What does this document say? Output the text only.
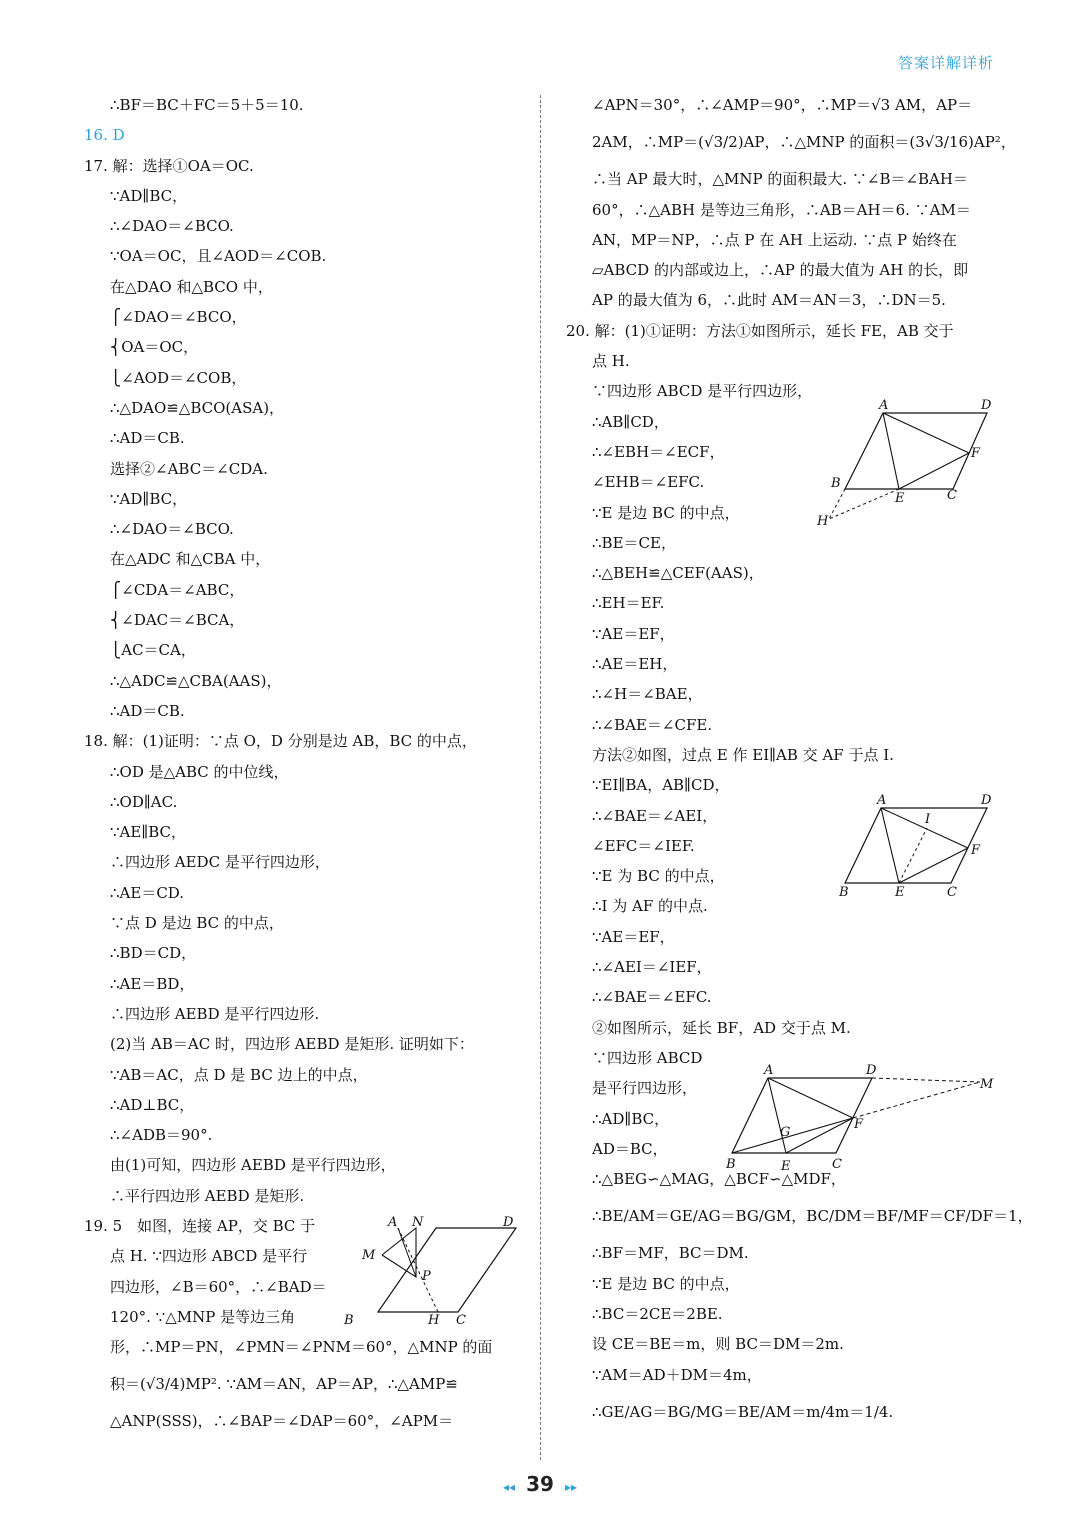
答案详解详析
∴BF＝BC＋FC＝5＋5＝10.
16. D
17. 解：选择①OA＝OC.
∵AD∥BC，
∴∠DAO＝∠BCO.
∵OA＝OC，且∠AOD＝∠COB.
在△DAO 和△BCO 中，
⎧∠DAO＝∠BCO，
⎨OA＝OC，
⎩∠AOD＝∠COB，
∴△DAO≌△BCO(ASA)，
∴AD＝CB.
选择②∠ABC＝∠CDA.
∵AD∥BC，
∴∠DAO＝∠BCO.
在△ADC 和△CBA 中，
⎧∠CDA＝∠ABC，
⎨∠DAC＝∠BCA，
⎩AC＝CA，
∴△ADC≌△CBA(AAS)，
∴AD＝CB.
18. 解：(1)证明：∵点 O，D 分别是边 AB，BC 的中点，
∴OD 是△ABC 的中位线，
∴OD∥AC.
∵AE∥BC，
∴四边形 AEDC 是平行四边形，
∴AE＝CD.
∵点 D 是边 BC 的中点，
∴BD＝CD，
∴AE＝BD，
∴四边形 AEBD 是平行四边形.
(2)当 AB＝AC 时，四边形 AEBD 是矩形. 证明如下：
∵AB＝AC，点 D 是 BC 边上的中点，
∴AD⊥BC，
∴∠ADB＝90°.
由(1)可知，四边形 AEBD 是平行四边形，
∴平行四边形 AEBD 是矩形.
19. 5　如图，连接 AP，交 BC 于
点 H. ∵四边形 ABCD 是平行
四边形，∠B＝60°，∴∠BAD＝
120°. ∵△MNP 是等边三角
形，∴MP＝PN，∠PMN＝∠PNM＝60°，△MNP 的面
积＝(√3/4)MP². ∵AM＝AN，AP＝AP，∴△AMP≌
△ANP(SSS)，∴∠BAP＝∠DAP＝60°，∠APM＝
∠APN＝30°，∴∠AMP＝90°，∴MP＝√3 AM，AP＝
2AM，∴MP＝(√3/2)AP，∴△MNP 的面积＝(3√3/16)AP²，
∴当 AP 最大时，△MNP 的面积最大. ∵∠B＝∠BAH＝
60°，∴△ABH 是等边三角形，∴AB＝AH＝6. ∵AM＝
AN，MP＝NP，∴点 P 在 AH 上运动. ∵点 P 始终在
▱ABCD 的内部或边上，∴AP 的最大值为 AH 的长，即
AP 的最大值为 6，∴此时 AM＝AN＝3，∴DN＝5.
20. 解：(1)①证明：方法①如图所示，延长 FE，AB 交于
点 H.
∵四边形 ABCD 是平行四边形，
∴AB∥CD，
∴∠EBH＝∠ECF，
∠EHB＝∠EFC.
∵E 是边 BC 的中点，
∴BE＝CE，
∴△BEH≌△CEF(AAS)，
∴EH＝EF.
∵AE＝EF，
∴AE＝EH，
∴∠H＝∠BAE，
∴∠BAE＝∠CFE.
方法②如图，过点 E 作 EI∥AB 交 AF 于点 I.
∵EI∥BA，AB∥CD，
∴∠BAE＝∠AEI，
∠EFC＝∠IEF.
∵E 为 BC 的中点，
∴I 为 AF 的中点.
∵AE＝EF，
∴∠AEI＝∠IEF，
∴∠BAE＝∠EFC.
②如图所示，延长 BF，AD 交于点 M.
∵四边形 ABCD
是平行四边形，
∴AD∥BC，
AD＝BC，
∴△BEG∽△MAG，△BCF∽△MDF，
∴BE/AM＝GE/AG＝BG/GM，BC/DM＝BF/MF＝CF/DF＝1，
∴BF＝MF，BC＝DM.
∵E 是边 BC 的中点，
∴BC＝2CE＝2BE.
设 CE＝BE＝m，则 BC＝DM＝2m.
∵AM＝AD＋DM＝4m，
∴GE/AG＝BG/MG＝BE/AM＝m/4m＝1/4.
A N	D
M
P
B	H C
A	D
F
B
E	C
H
A	D
I
F
B	E	C
A	D
M
G
F
B	E	C
◂◂ 39 ▸▸
